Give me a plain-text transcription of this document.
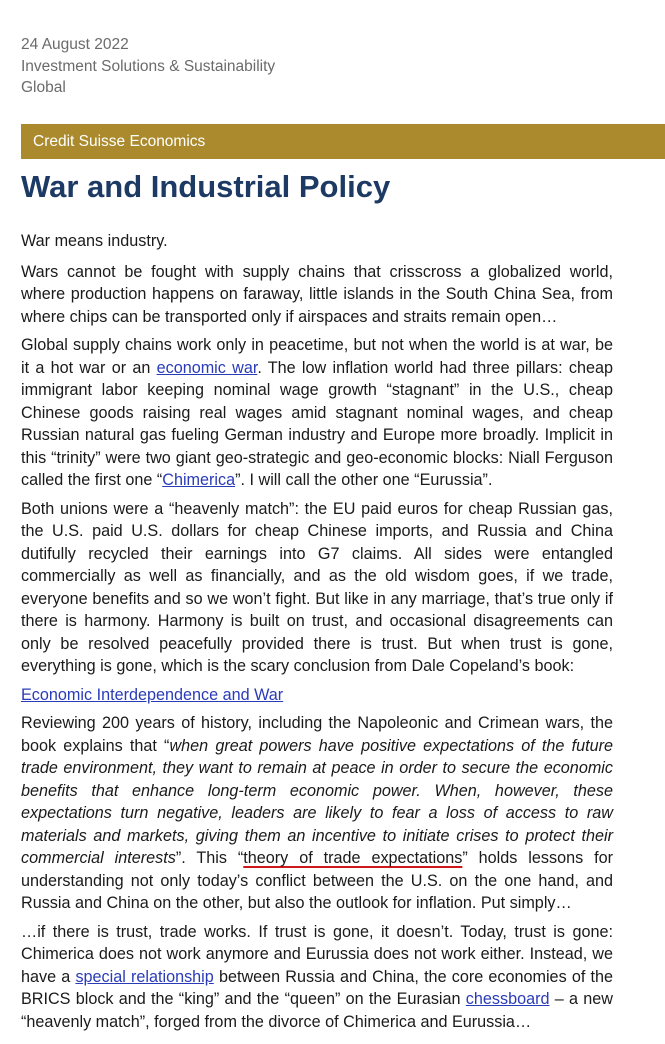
24 August 2022
Investment Solutions & Sustainability
Global
Credit Suisse Economics
War and Industrial Policy

War means industry.

Wars cannot be fought with supply chains that crisscross a globalized world, where production happens on faraway, little islands in the South China Sea, from where chips can be transported only if airspaces and straits remain open…

Global supply chains work only in peacetime, but not when the world is at war, be it a hot war or an economic war. The low inflation world had three pillars: cheap immigrant labor keeping nominal wage growth “stagnant” in the U.S., cheap Chinese goods raising real wages amid stagnant nominal wages, and cheap Russian natural gas fueling German industry and Europe more broadly. Implicit in this “trinity” were two giant geo-strategic and geo-economic blocks: Niall Ferguson called the first one “Chimerica”. I will call the other one “Eurussia”.

Both unions were a “heavenly match”: the EU paid euros for cheap Russian gas, the U.S. paid U.S. dollars for cheap Chinese imports, and Russia and China dutifully recycled their earnings into G7 claims. All sides were entangled commercially as well as financially, and as the old wisdom goes, if we trade, everyone benefits and so we won’t fight. But like in any marriage, that’s true only if there is harmony. Harmony is built on trust, and occasional disagreements can only be resolved peacefully provided there is trust. But when trust is gone, everything is gone, which is the scary conclusion from Dale Copeland’s book:

Economic Interdependence and War

Reviewing 200 years of history, including the Napoleonic and Crimean wars, the book explains that “when great powers have positive expectations of the future trade environment, they want to remain at peace in order to secure the economic benefits that enhance long-term economic power. When, however, these expectations turn negative, leaders are likely to fear a loss of access to raw materials and markets, giving them an incentive to initiate crises to protect their commercial interests”. This “theory of trade expectations” holds lessons for understanding not only today’s conflict between the U.S. on the one hand, and Russia and China on the other, but also the outlook for inflation. Put simply…

…if there is trust, trade works. If trust is gone, it doesn’t. Today, trust is gone: Chimerica does not work anymore and Eurussia does not work either. Instead, we have a special relationship between Russia and China, the core economies of the BRICS block and the “king” and the “queen” on the Eurasian chessboard – a new “heavenly match”, forged from the divorce of Chimerica and Eurussia…
